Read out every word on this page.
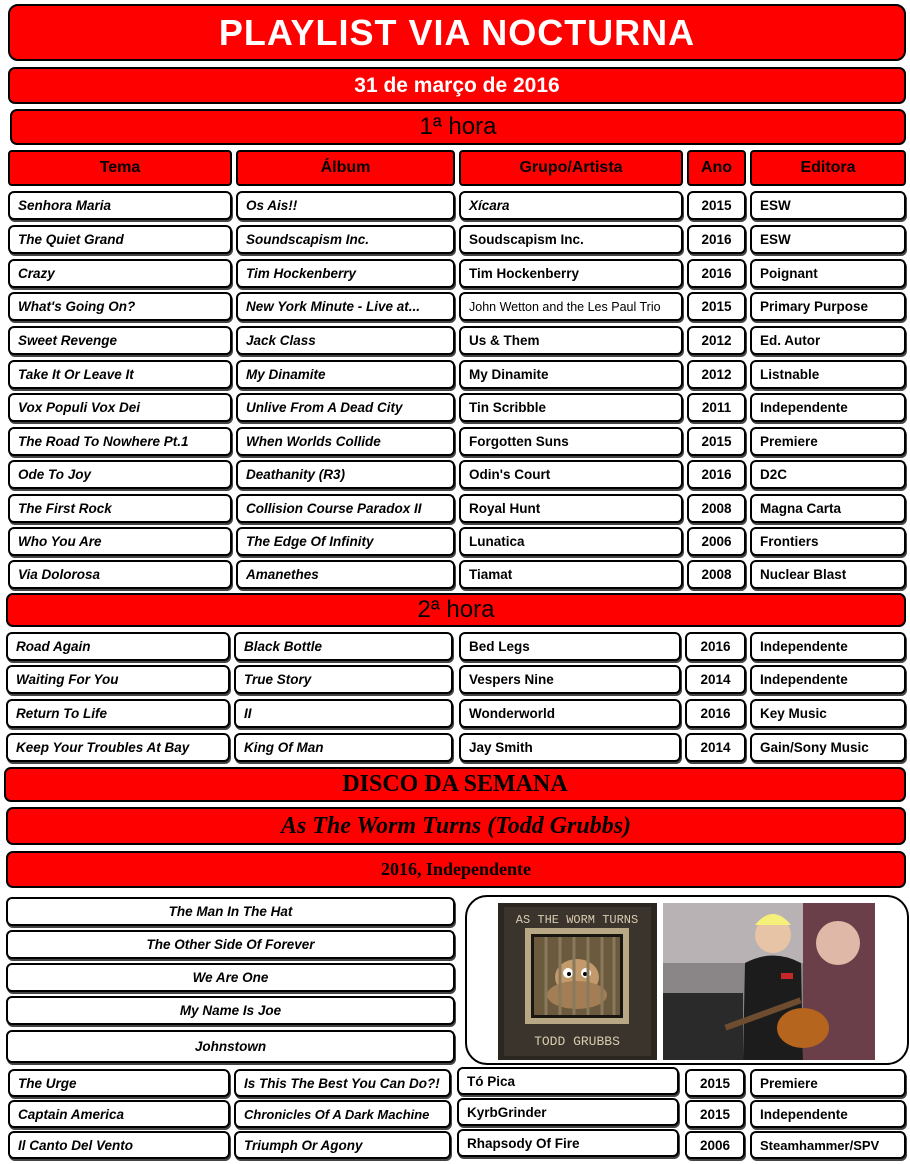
PLAYLIST VIA NOCTURNA
31 de março de 2016
1ª hora
Tema	Álbum	Grupo/Artista	Ano	Editora
Senhora Maria	Os Ais!!	Xícara	2015	ESW
The Quiet Grand	Soundscapism Inc.	Soudscapism Inc.	2016	ESW
Crazy	Tim Hockenberry	Tim Hockenberry	2016	Poignant
What's Going On?	New York Minute - Live at...	John Wetton and the Les Paul Trio	2015	Primary Purpose
Sweet Revenge	Jack Class	Us & Them	2012	Ed. Autor
Take It Or Leave It	My Dinamite	My Dinamite	2012	Listnable
Vox Populi Vox Dei	Unlive From A Dead City	Tin Scribble	2011	Independente
The Road To Nowhere Pt.1	When Worlds Collide	Forgotten Suns	2015	Premiere
Ode To Joy	Deathanity (R3)	Odin's Court	2016	D2C
The First Rock	Collision Course Paradox II	Royal Hunt	2008	Magna Carta
Who You Are	The Edge Of Infinity	Lunatica	2006	Frontiers
Via Dolorosa	Amanethes	Tiamat	2008	Nuclear Blast
2ª hora
Road Again	Black Bottle	Bed Legs	2016	Independente
Waiting For You	True Story	Vespers Nine	2014	Independente
Return To Life	II	Wonderworld	2016	Key Music
Keep Your Troubles At Bay	King Of Man	Jay Smith	2014	Gain/Sony Music
DISCO DA SEMANA
As The Worm Turns (Todd Grubbs)
2016, Independente
The Man In The Hat
The Other Side Of Forever
We Are One
My Name Is Joe
Johnstown
AS THE WORM TURNS
TODD GRUBBS
The Urge	Is This The Best You Can Do?!	Tó Pica	2015	Premiere
Captain America	Chronicles Of A Dark Machine	KyrbGrinder	2015	Independente
Il Canto Del Vento	Triumph Or Agony	Rhapsody Of Fire	2006	Steamhammer/SPV
